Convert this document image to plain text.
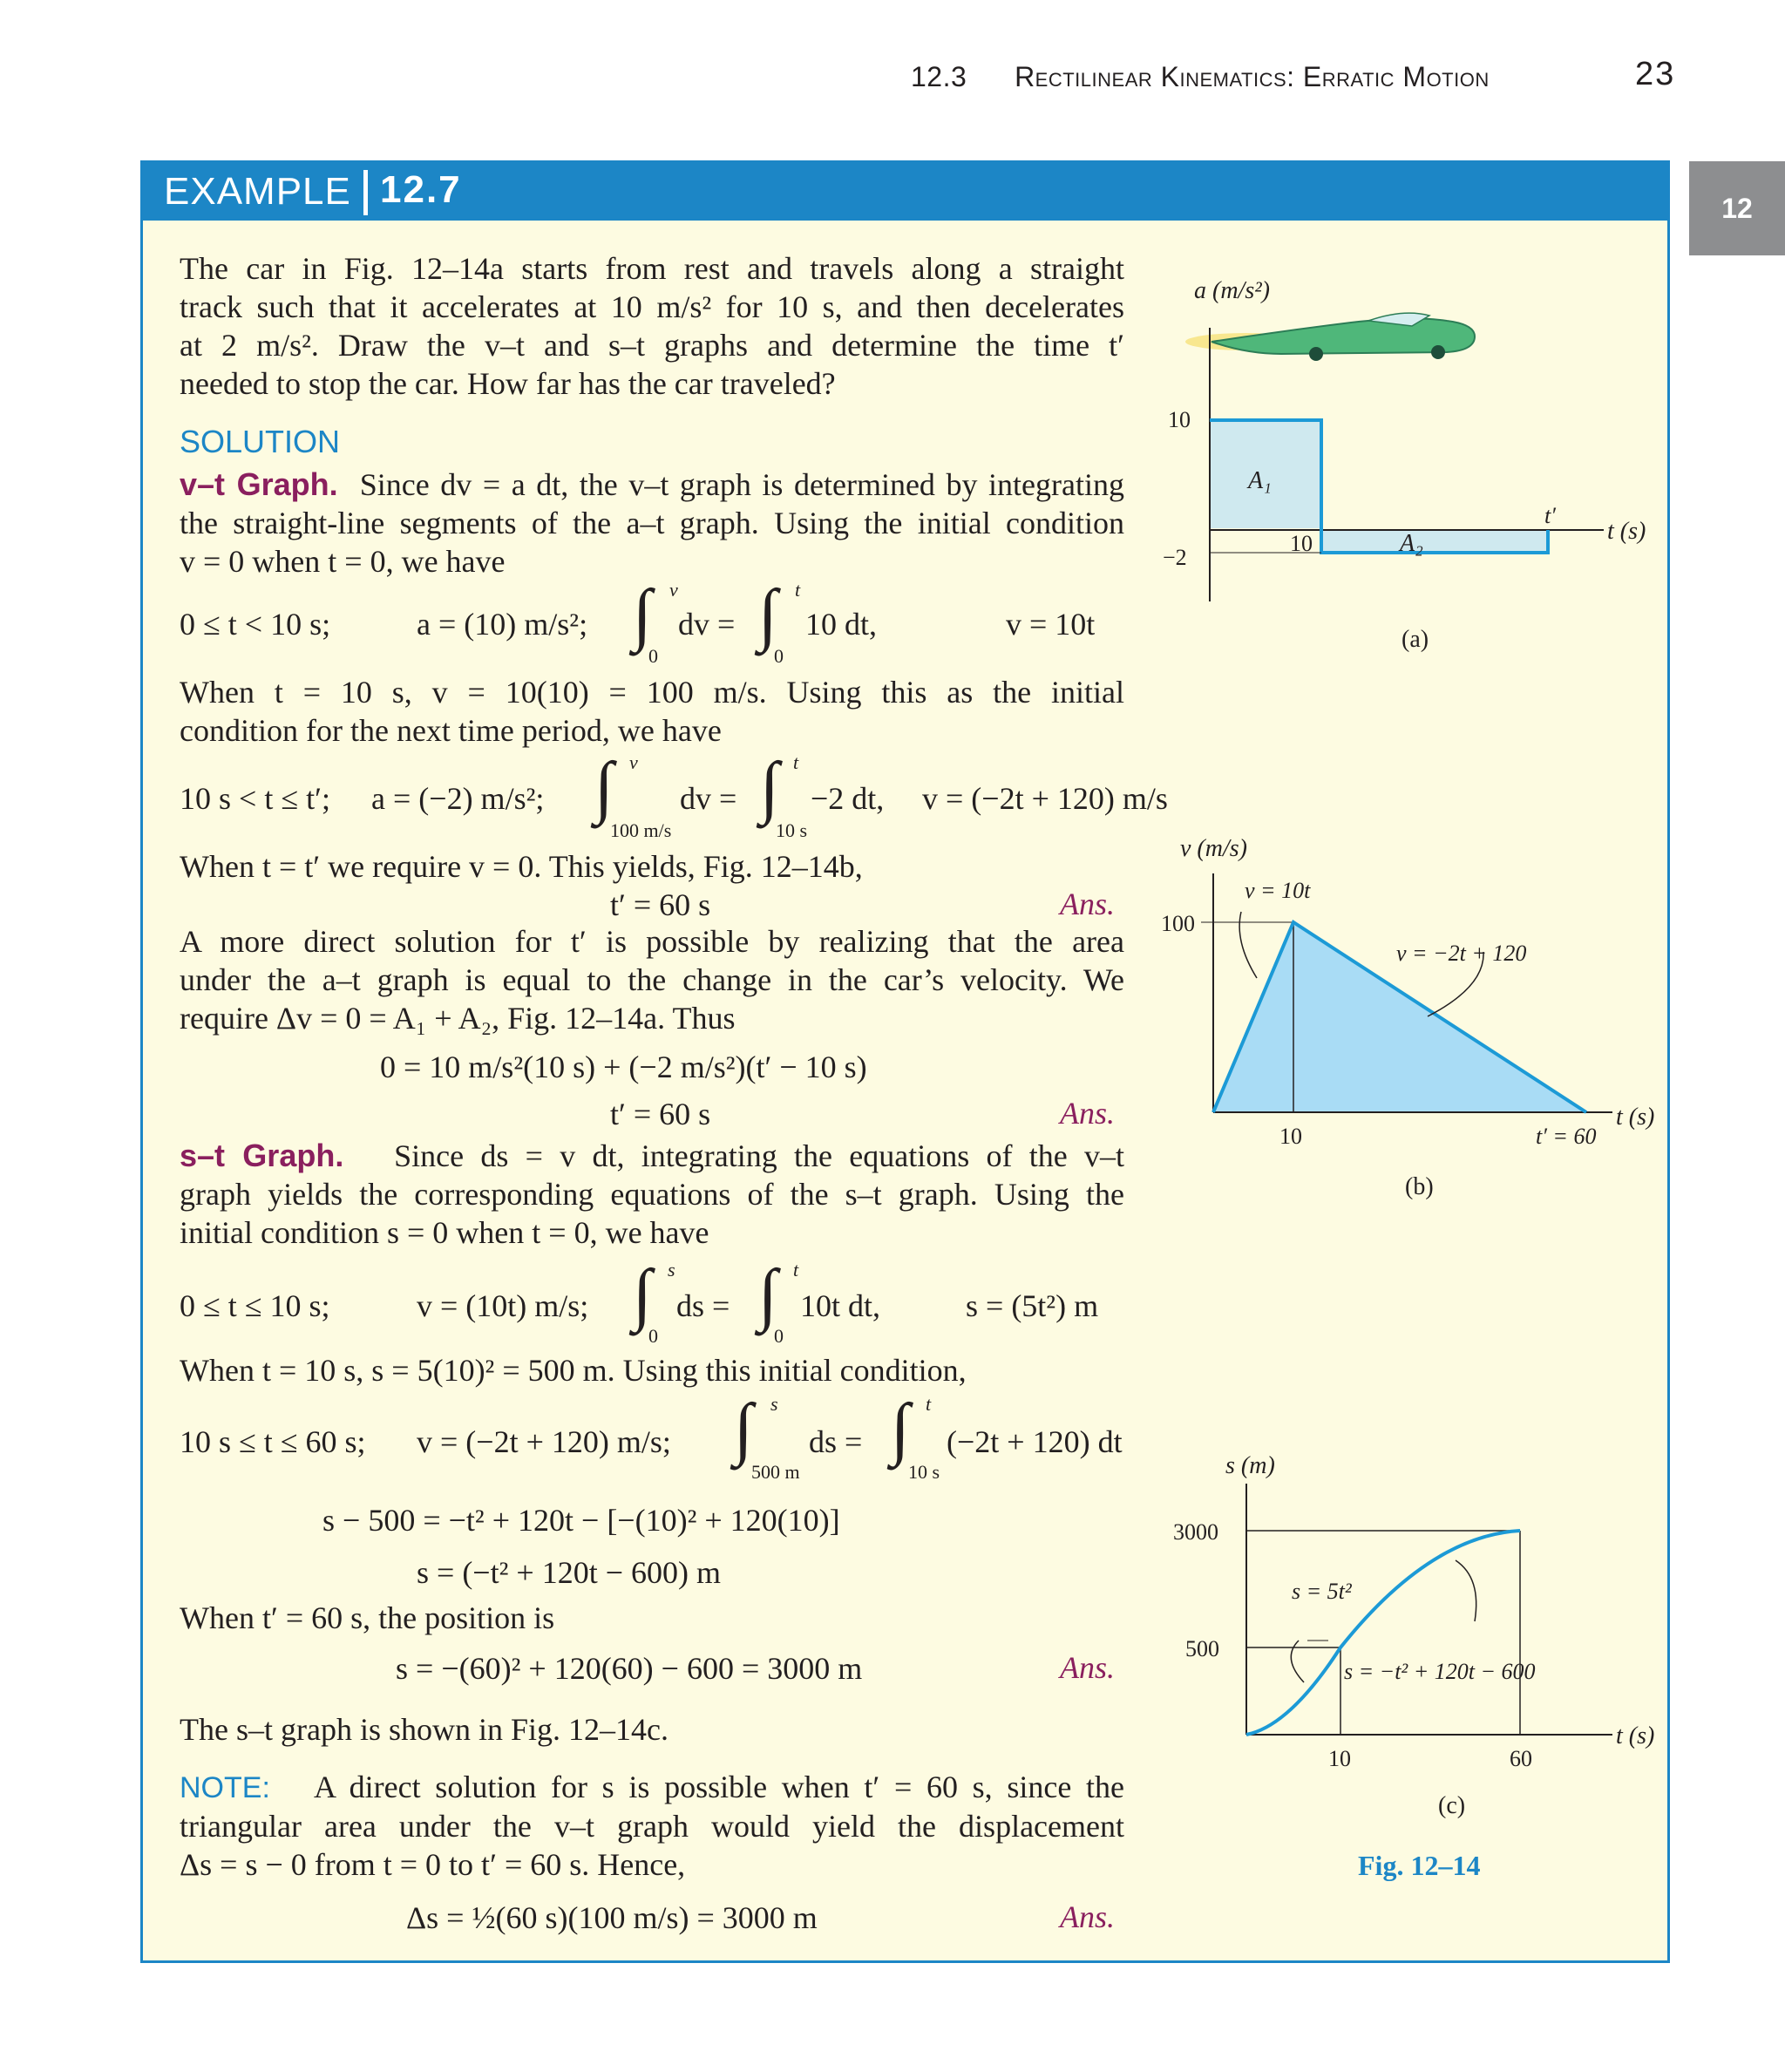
12.3 Rectilinear Kinematics: Erratic Motion	23
12
EXAMPLE 12.7
The car in Fig. 12–14a starts from rest and travels along a straight
track such that it accelerates at 10 m/s² for 10 s, and then decelerates
at 2 m/s². Draw the v–t and s–t graphs and determine the time t′
needed to stop the car. How far has the car traveled?
SOLUTION
v–t Graph. Since dv = a dt, the v–t graph is determined by integrating
the straight-line segments of the a–t graph. Using the initial condition
v = 0 when t = 0, we have
0 ≤ t < 10 s;	a = (10) m/s²; ∫ v
0
dv = ∫ t
0
10 dt,	v = 10t
When t = 10 s, v = 10(10) = 100 m/s. Using this as the initial
condition for the next time period, we have
10 s < t ≤ t′; a = (−2) m/s²; ∫ v
100 m/s
dv = ∫ t
10 s
−2 dt, v = (−2t + 120) m/s
When t = t′ we require v = 0. This yields, Fig. 12–14b,
t′ = 60 s	Ans.
A more direct solution for t′ is possible by realizing that the area
under the a–t graph is equal to the change in the car’s velocity. We
require Δv = 0 = A₁ + A₂, Fig. 12–14a. Thus
0 = 10 m/s²(10 s) + (−2 m/s²)(t′ − 10 s)
t′ = 60 s	Ans.
s–t Graph. Since ds = v dt, integrating the equations of the v–t
graph yields the corresponding equations of the s–t graph. Using the
initial condition s = 0 when t = 0, we have
0 ≤ t ≤ 10 s;	v = (10t) m/s; ∫ s
0
ds = ∫ t
0
10t dt,	s = (5t²) m
When t = 10 s, s = 5(10)² = 500 m. Using this initial condition,
10 s ≤ t ≤ 60 s; v = (−2t + 120) m/s; ∫ s
500 m
ds = ∫ t
10 s
(−2t + 120) dt
s − 500 = −t² + 120t − [−(10)² + 120(10)]
s = (−t² + 120t − 600) m
When t′ = 60 s, the position is
s = −(60)² + 120(60) − 600 = 3000 m	Ans.
The s–t graph is shown in Fig. 12–14c.
NOTE: A direct solution for s is possible when t′ = 60 s, since the
triangular area under the v–t graph would yield the displacement
Δs = s − 0 from t = 0 to t′ = 60 s. Hence,
Δs = ½(60 s)(100 m/s) = 3000 m	Ans.
a (m/s²)
10
−2
10
A₁
A₂
t′
t (s)
(a)
v (m/s)
100
v = 10t
v = −2t + 120
10	t′ = 60
t (s)
(b)
s (m)
3000
500
s = 5t²
s = −t² + 120t − 600
10	60
t (s)
(c)
Fig. 12–14
